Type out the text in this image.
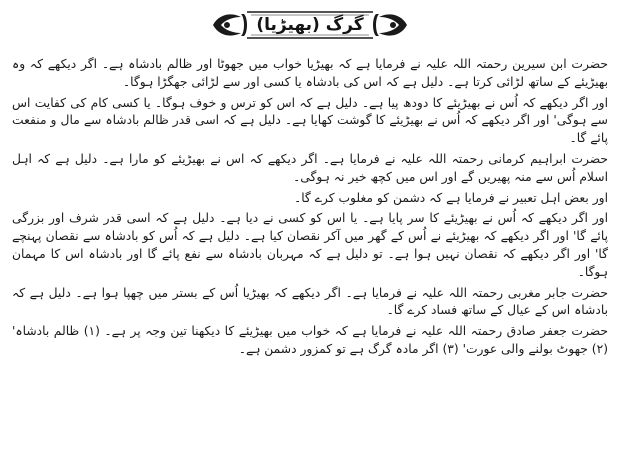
گرگ (بھیڑیا)

حضرت ابن سیرین رحمتہ اللہ علیہ نے فرمایا ہے کہ بھیڑیا خواب میں جھوٹا اور ظالم بادشاہ ہے۔ اگر دیکھے کہ وہ بھیڑیئے کے ساتھ لڑائی کرتا ہے۔ دلیل ہے کہ اس کی بادشاہ یا کسی اور سے لڑائی جھگڑا ہوگا۔

اور اگر دیکھے کہ اُس نے بھیڑیئے کا دودھ پیا ہے۔ دلیل ہے کہ اس کو ترس و خوف ہوگا۔ یا کسی کام کی کفایت اس سے ہوگی' اور اگر دیکھے کہ اُس نے بھیڑیئے کا گوشت کھایا ہے۔ دلیل ہے کہ اسی قدر ظالم بادشاہ سے مال و منفعت پائے گا۔

حضرت ابراہیم کرمانی رحمتہ اللہ علیہ نے فرمایا ہے۔ اگر دیکھے کہ اس نے بھیڑیئے کو مارا ہے۔ دلیل ہے کہ اہل اسلام اُس سے منہ پھیریں گے اور اس میں کچھ خیر نہ ہوگی۔

اور بعض اہل تعبیر نے فرمایا ہے کہ دشمن کو مغلوب کرے گا۔

اور اگر دیکھے کہ اُس نے بھیڑیئے کا سر پایا ہے۔ یا اس کو کسی نے دیا ہے۔ دلیل ہے کہ اسی قدر شرف اور بزرگی پائے گا' اور اگر دیکھے کہ بھیڑیئے نے اُس کے گھر میں آکر نقصان کیا ہے۔ دلیل ہے کہ اُس کو بادشاہ سے نقصان پہنچے گا' اور اگر دیکھے کہ نقصان نہیں ہوا ہے۔ تو دلیل ہے کہ مہربان بادشاہ سے نفع پائے گا اور بادشاہ اس کا مہمان ہوگا۔

حضرت جابر مغربی رحمتہ اللہ علیہ نے فرمایا ہے۔ اگر دیکھے کہ بھیڑیا اُس کے بستر میں چھپا ہوا ہے۔ دلیل ہے کہ بادشاہ اس کے عیال کے ساتھ فساد کرے گا۔

حضرت جعفر صادق رحمتہ اللہ علیہ نے فرمایا ہے کہ خواب میں بھیڑیئے کا دیکھنا تین وجہ پر ہے۔ (۱) ظالم بادشاہ' (۲) جھوٹ بولنے والی عورت' (۳) اگر مادہ گرگ ہے تو کمزور دشمن ہے۔
